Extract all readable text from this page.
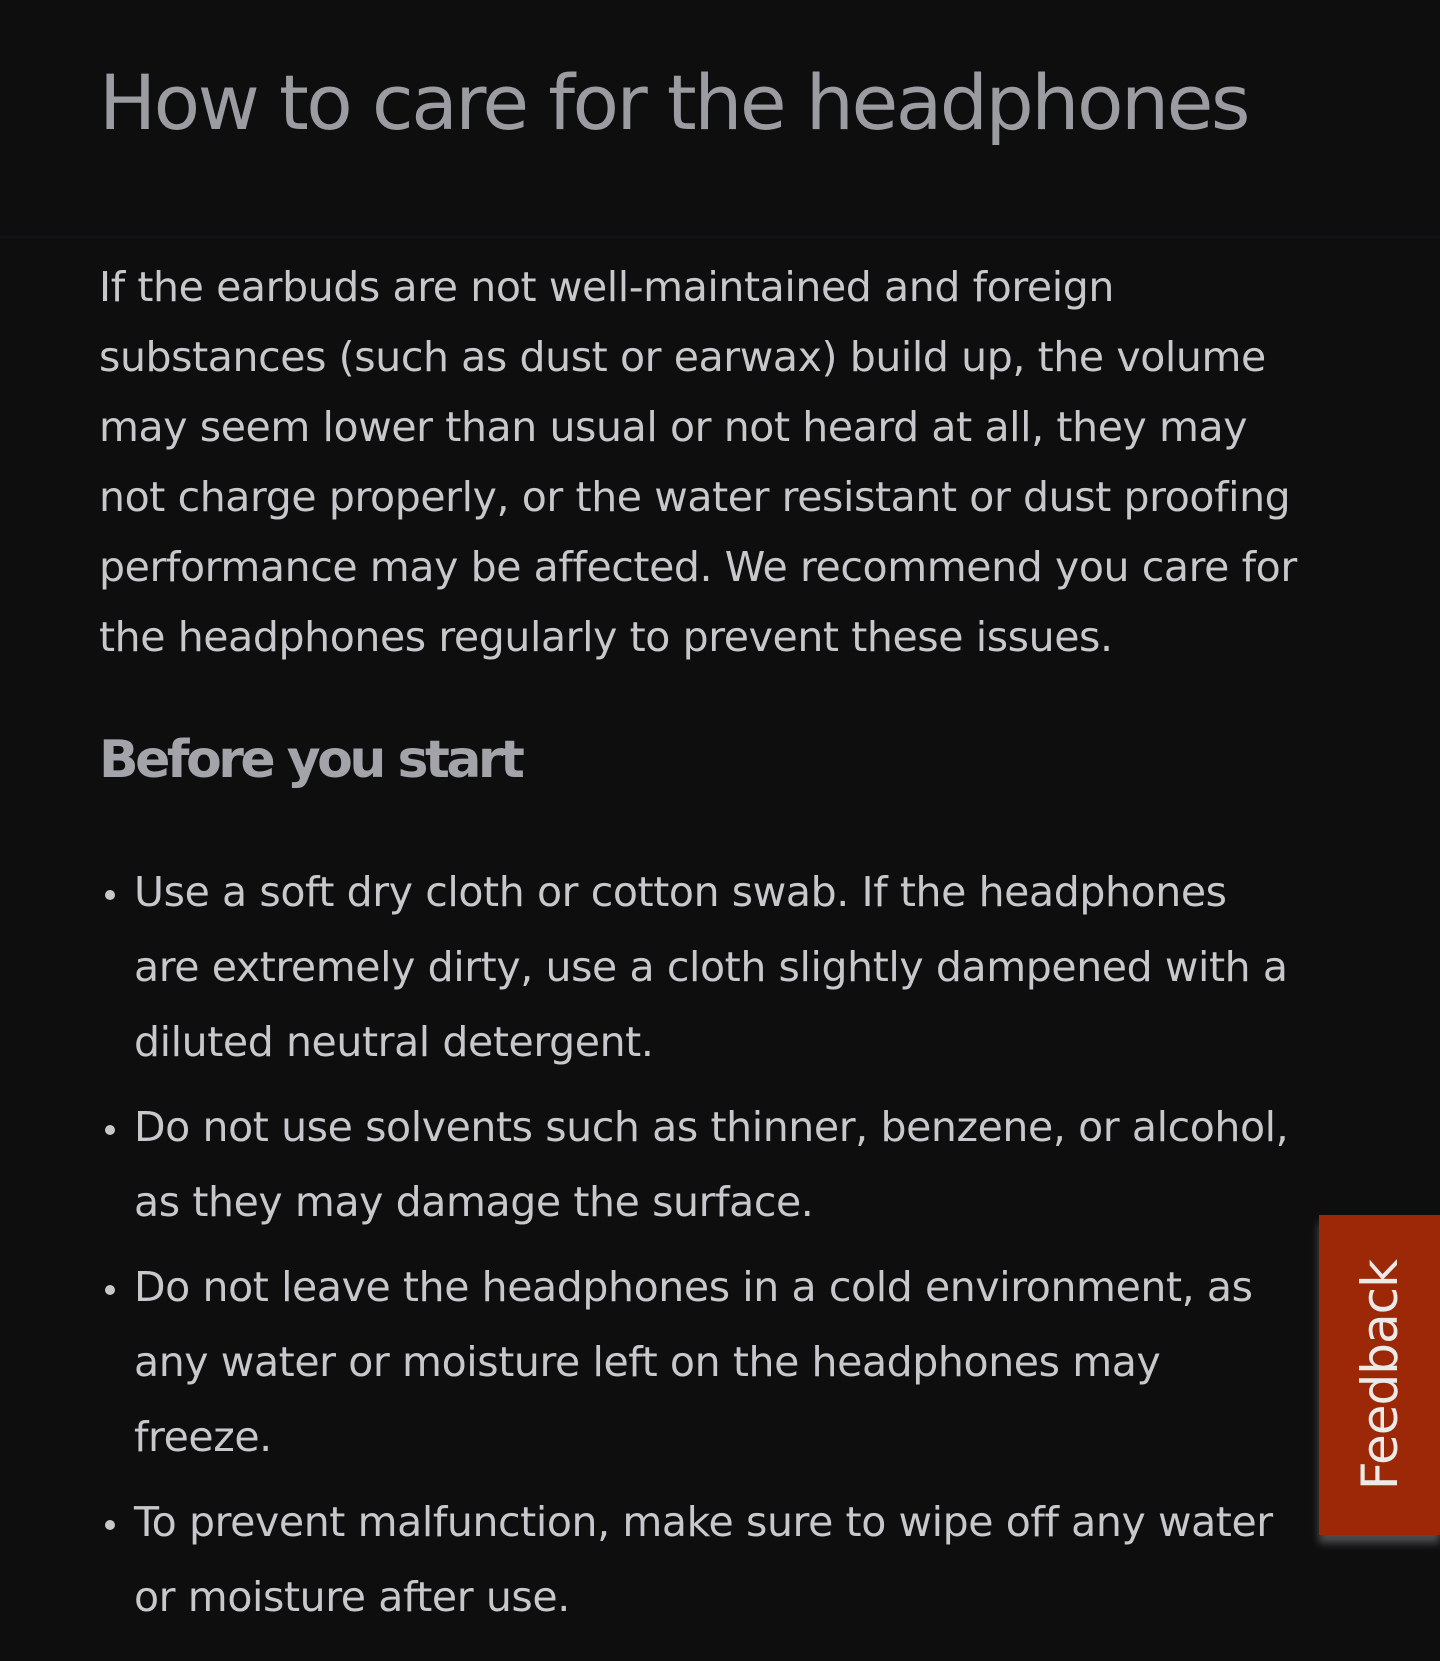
How to care for the headphones

If the earbuds are not well-maintained and foreign
substances (such as dust or earwax) build up, the volume
may seem lower than usual or not heard at all, they may
not charge properly, or the water resistant or dust proofing
performance may be affected. We recommend you care for
the headphones regularly to prevent these issues.

Before you start
Use a soft dry cloth or cotton swab. If the headphones
are extremely dirty, use a cloth slightly dampened with a
diluted neutral detergent.
Do not use solvents such as thinner, benzene, or alcohol,
as they may damage the surface.
Do not leave the headphones in a cold environment, as
any water or moisture left on the headphones may
freeze.
To prevent malfunction, make sure to wipe off any water
or moisture after use.
Feedback
